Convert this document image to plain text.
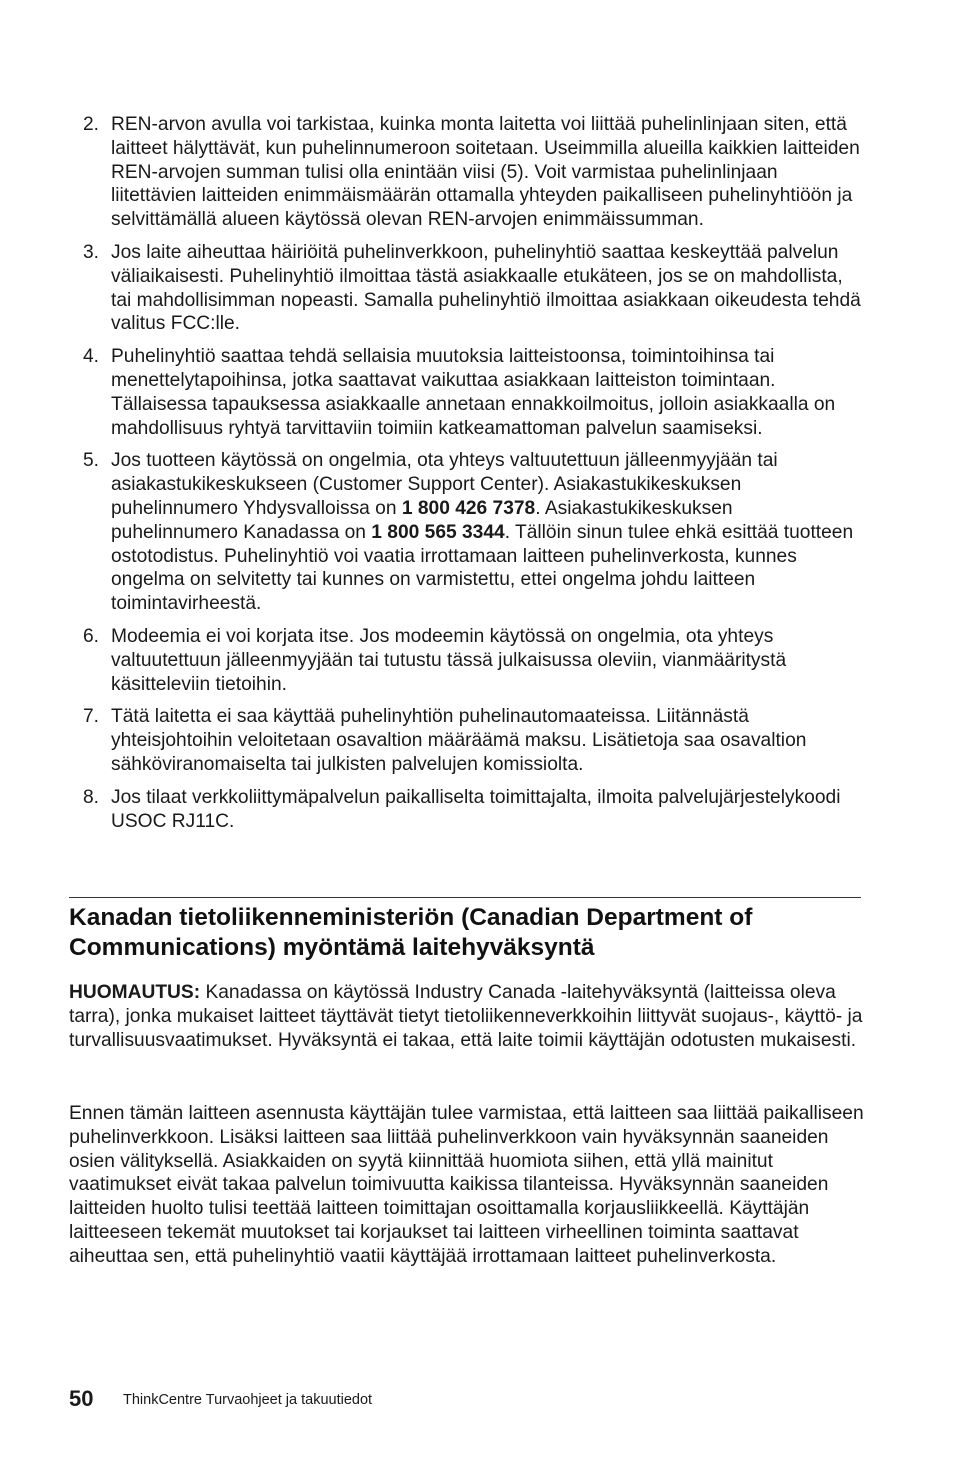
2. REN-arvon avulla voi tarkistaa, kuinka monta laitetta voi liittää puhelinlinjaan siten, että laitteet hälyttävät, kun puhelinnumeroon soitetaan. Useimmilla alueilla kaikkien laitteiden REN-arvojen summan tulisi olla enintään viisi (5). Voit varmistaa puhelinlinjaan liitettävien laitteiden enimmäismäärän ottamalla yhteyden paikalliseen puhelinyhtiöön ja selvittämällä alueen käytössä olevan REN-arvojen enimmäissumman.
3. Jos laite aiheuttaa häiriöitä puhelinverkkoon, puhelinyhtiö saattaa keskeyttää palvelun väliaikaisesti. Puhelinyhtiö ilmoittaa tästä asiakkaalle etukäteen, jos se on mahdollista, tai mahdollisimman nopeasti. Samalla puhelinyhtiö ilmoittaa asiakkaan oikeudesta tehdä valitus FCC:lle.
4. Puhelinyhtiö saattaa tehdä sellaisia muutoksia laitteistoonsa, toimintoihinsa tai menettelytapoihinsa, jotka saattavat vaikuttaa asiakkaan laitteiston toimintaan. Tällaisessa tapauksessa asiakkaalle annetaan ennakkoilmoitus, jolloin asiakkaalla on mahdollisuus ryhtyä tarvittaviin toimiin katkeamattoman palvelun saamiseksi.
5. Jos tuotteen käytössä on ongelmia, ota yhteys valtuutettuun jälleenmyyjään tai asiakastukikeskukseen (Customer Support Center). Asiakastukikeskuksen puhelinnumero Yhdysvalloissa on 1 800 426 7378. Asiakastukikeskuksen puhelinnumero Kanadassa on 1 800 565 3344. Tällöin sinun tulee ehkä esittää tuotteen ostotodistus. Puhelinyhtiö voi vaatia irrottamaan laitteen puhelinverkosta, kunnes ongelma on selvitetty tai kunnes on varmistettu, ettei ongelma johdu laitteen toimintavirheestä.
6. Modeemia ei voi korjata itse. Jos modeemin käytössä on ongelmia, ota yhteys valtuutettuun jälleenmyyjään tai tutustu tässä julkaisussa oleviin, vianmääritystä käsitteleviin tietoihin.
7. Tätä laitetta ei saa käyttää puhelinyhtiön puhelinautomaateissa. Liitännästä yhteisjohtoihin veloitetaan osavaltion määräämä maksu. Lisätietoja saa osavaltion sähköviranomaiselta tai julkisten palvelujen komissiolta.
8. Jos tilaat verkkoliittymäpalvelun paikalliselta toimittajalta, ilmoita palvelujärjestelykoodi USOC RJ11C.
Kanadan tietoliikenneministeriön (Canadian Department of Communications) myöntämä laitehyväksyntä

HUOMAUTUS: Kanadassa on käytössä Industry Canada -laitehyväksyntä (laitteissa oleva tarra), jonka mukaiset laitteet täyttävät tietyt tietoliikenneverkkoihin liittyvät suojaus-, käyttö- ja turvallisuusvaatimukset. Hyväksyntä ei takaa, että laite toimii käyttäjän odotusten mukaisesti.

Ennen tämän laitteen asennusta käyttäjän tulee varmistaa, että laitteen saa liittää paikalliseen puhelinverkkoon. Lisäksi laitteen saa liittää puhelinverkkoon vain hyväksynnän saaneiden osien välityksellä. Asiakkaiden on syytä kiinnittää huomiota siihen, että yllä mainitut vaatimukset eivät takaa palvelun toimivuutta kaikissa tilanteissa. Hyväksynnän saaneiden laitteiden huolto tulisi teettää laitteen toimittajan osoittamalla korjausliikkeellä. Käyttäjän laitteeseen tekemät muutokset tai korjaukset tai laitteen virheellinen toiminta saattavat aiheuttaa sen, että puhelinyhtiö vaatii käyttäjää irrottamaan laitteet puhelinverkosta.

50 ThinkCentre Turvaohjeet ja takuutiedot
